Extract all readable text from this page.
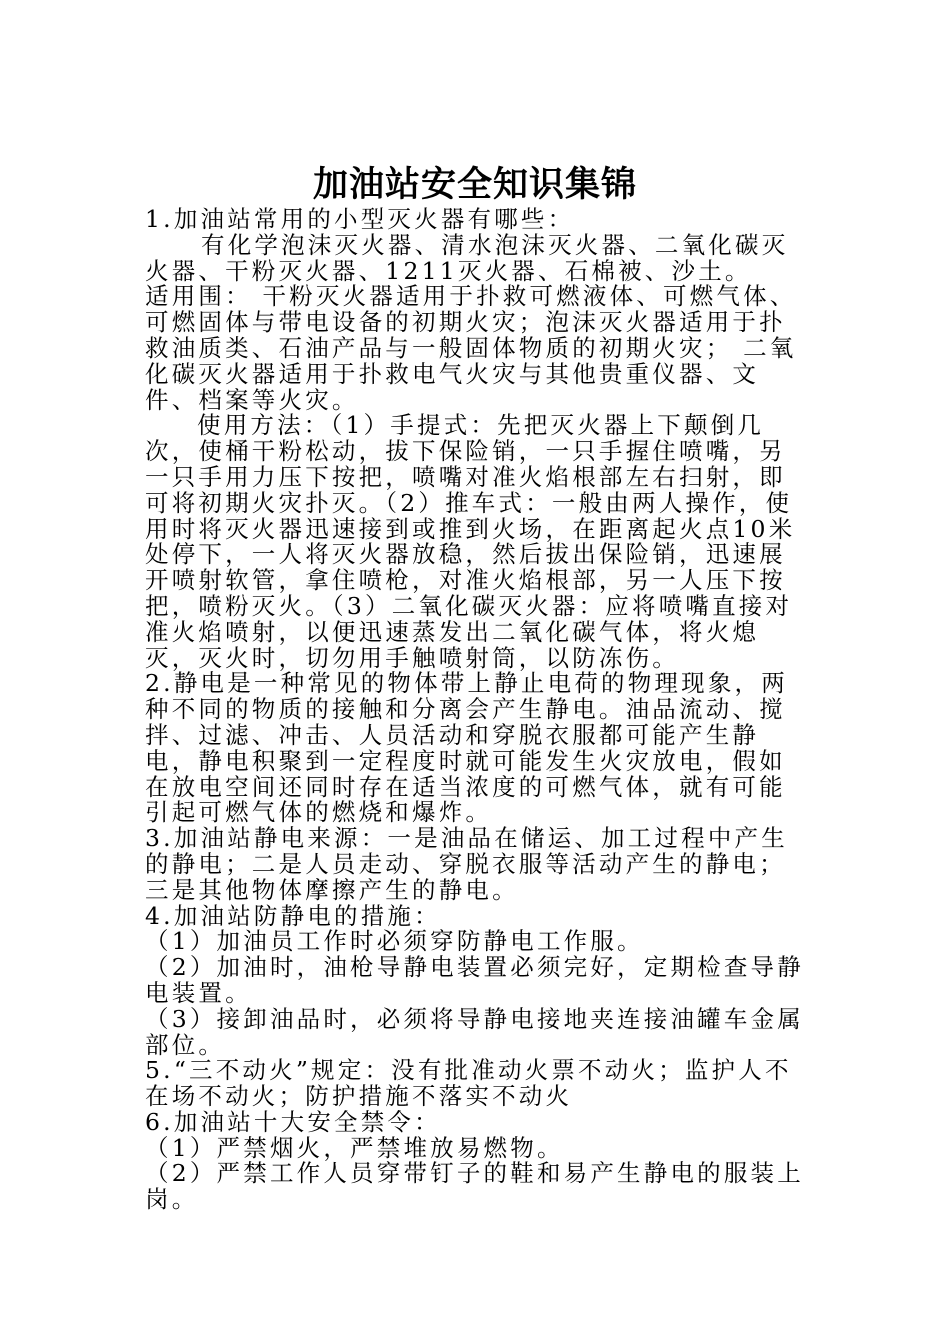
加油站安全知识集锦

1.加油站常用的小型灭火器有哪些：

有化学泡沫灭火器、清水泡沫灭火器、二氧化碳灭火器、干粉灭火器、1211灭火器、石棉被、沙土。

适用围： 干粉灭火器适用于扑救可燃液体、可燃气体、可燃固体与带电设备的初期火灾；泡沫灭火器适用于扑救油质类、石油产品与一般固体物质的初期火灾； 二氧化碳灭火器适用于扑救电气火灾与其他贵重仪器、文件、档案等火灾。

使用方法：（1）手提式：先把灭火器上下颠倒几次，使桶干粉松动，拔下保险销，一只手握住喷嘴，另一只手用力压下按把，喷嘴对准火焰根部左右扫射，即可将初期火灾扑灭。（2）推车式：一般由两人操作，使用时将灭火器迅速接到或推到火场，在距离起火点10米处停下，一人将灭火器放稳，然后拔出保险销，迅速展开喷射软管，拿住喷枪，对准火焰根部，另一人压下按把，喷粉灭火。（3）二氧化碳灭火器：应将喷嘴直接对准火焰喷射，以便迅速蒸发出二氧化碳气体，将火熄灭，灭火时，切勿用手触喷射筒，以防冻伤。

2.静电是一种常见的物体带上静止电荷的物理现象，两种不同的物质的接触和分离会产生静电。油品流动、搅拌、过滤、冲击、人员活动和穿脱衣服都可能产生静电，静电积聚到一定程度时就可能发生火灾放电，假如在放电空间还同时存在适当浓度的可燃气体，就有可能引起可燃气体的燃烧和爆炸。

3.加油站静电来源：一是油品在储运、加工过程中产生的静电；二是人员走动、穿脱衣服等活动产生的静电；三是其他物体摩擦产生的静电。

4.加油站防静电的措施：

（1）加油员工作时必须穿防静电工作服。

（2）加油时，油枪导静电装置必须完好，定期检查导静电装置。

（3）接卸油品时，必须将导静电接地夹连接油罐车金属部位。

5.“三不动火”规定：没有批准动火票不动火；监护人不在场不动火；防护措施不落实不动火

6.加油站十大安全禁令：

（1）严禁烟火，严禁堆放易燃物。

（2）严禁工作人员穿带钉子的鞋和易产生静电的服装上岗。
